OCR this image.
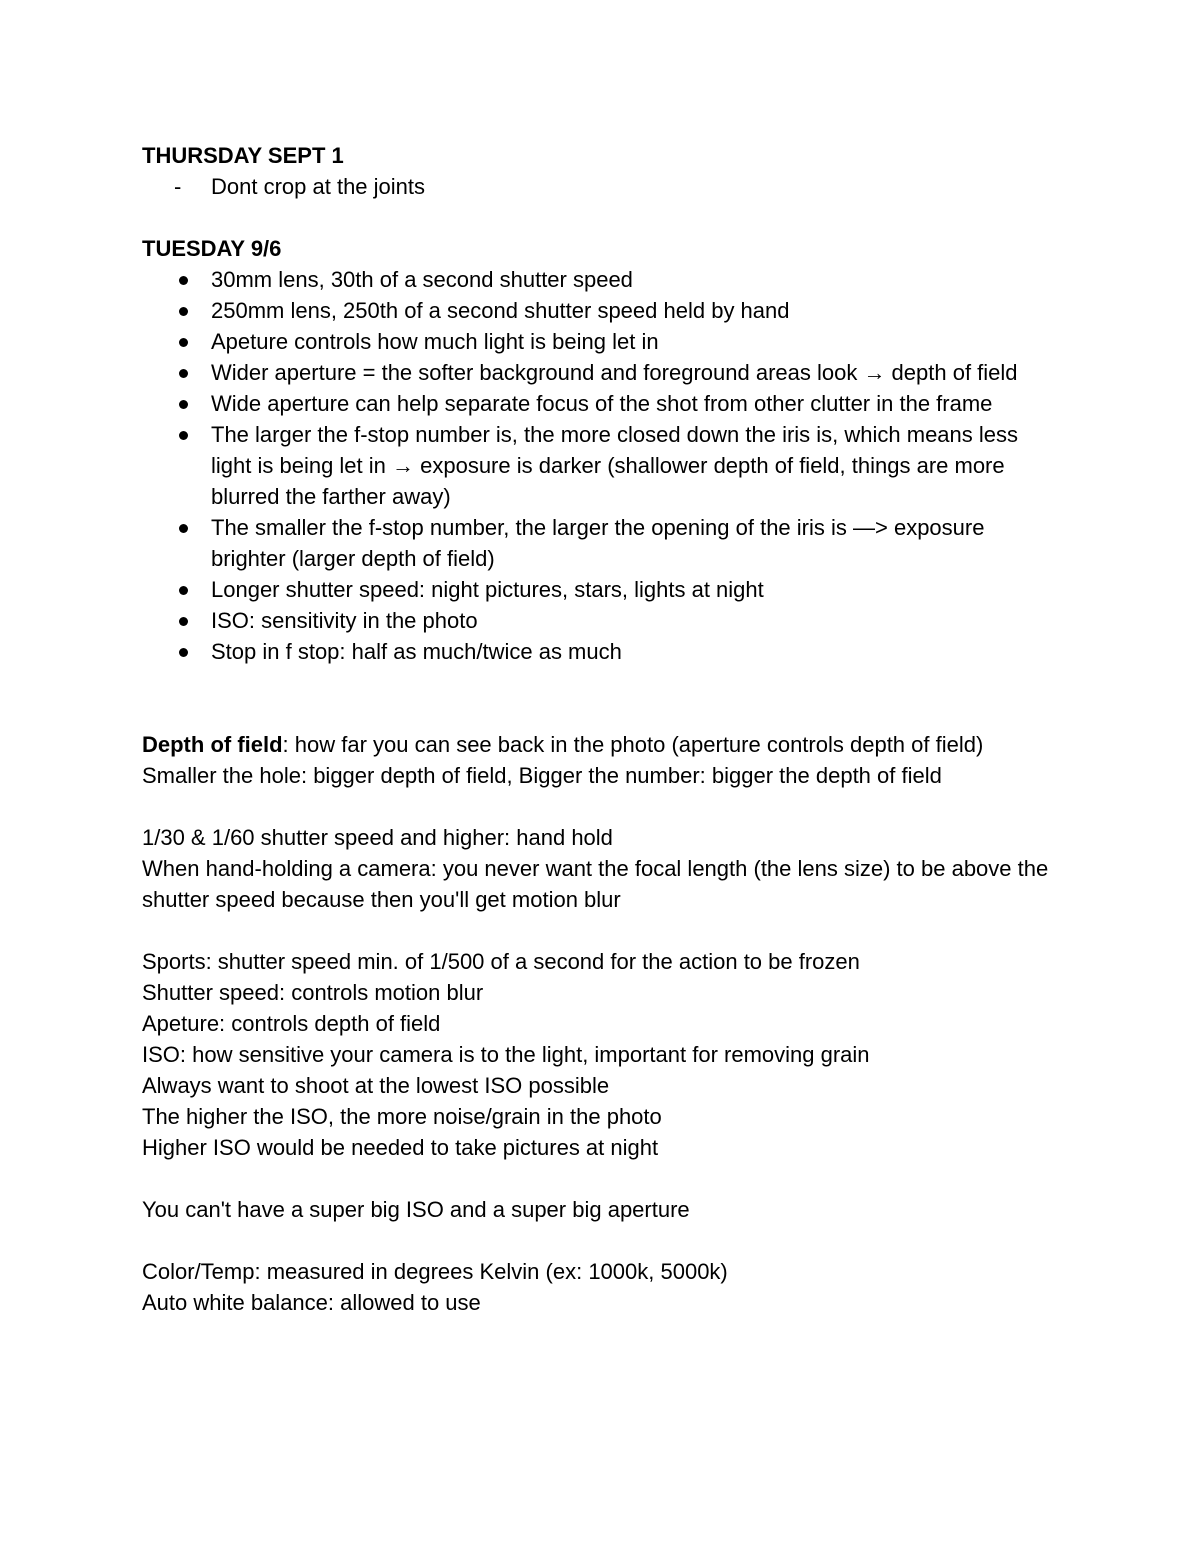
THURSDAY SEPT 1

- Dont crop at the joints

TUESDAY 9/6

30mm lens, 30th of a second shutter speed
250mm lens, 250th of a second shutter speed held by hand
Apeture controls how much light is being let in
Wider aperture = the softer background and foreground areas look → depth of field
Wide aperture can help separate focus of the shot from other clutter in the frame
The larger the f-stop number is, the more closed down the iris is, which means less light is being let in → exposure is darker (shallower depth of field, things are more blurred the farther away)
The smaller the f-stop number, the larger the opening of the iris is —> exposure brighter (larger depth of field)
Longer shutter speed: night pictures, stars, lights at night
ISO: sensitivity in the photo
Stop in f stop: half as much/twice as much

Depth of field: how far you can see back in the photo (aperture controls depth of field)

Smaller the hole: bigger depth of field, Bigger the number: bigger the depth of field

1/30 & 1/60 shutter speed and higher: hand hold

When hand-holding a camera: you never want the focal length (the lens size) to be above the shutter speed because then you'll get motion blur

Sports: shutter speed min. of 1/500 of a second for the action to be frozen

Shutter speed: controls motion blur

Apeture: controls depth of field

ISO: how sensitive your camera is to the light, important for removing grain

Always want to shoot at the lowest ISO possible

The higher the ISO, the more noise/grain in the photo

Higher ISO would be needed to take pictures at night

You can't have a super big ISO and a super big aperture

Color/Temp: measured in degrees Kelvin (ex: 1000k, 5000k)

Auto white balance: allowed to use
